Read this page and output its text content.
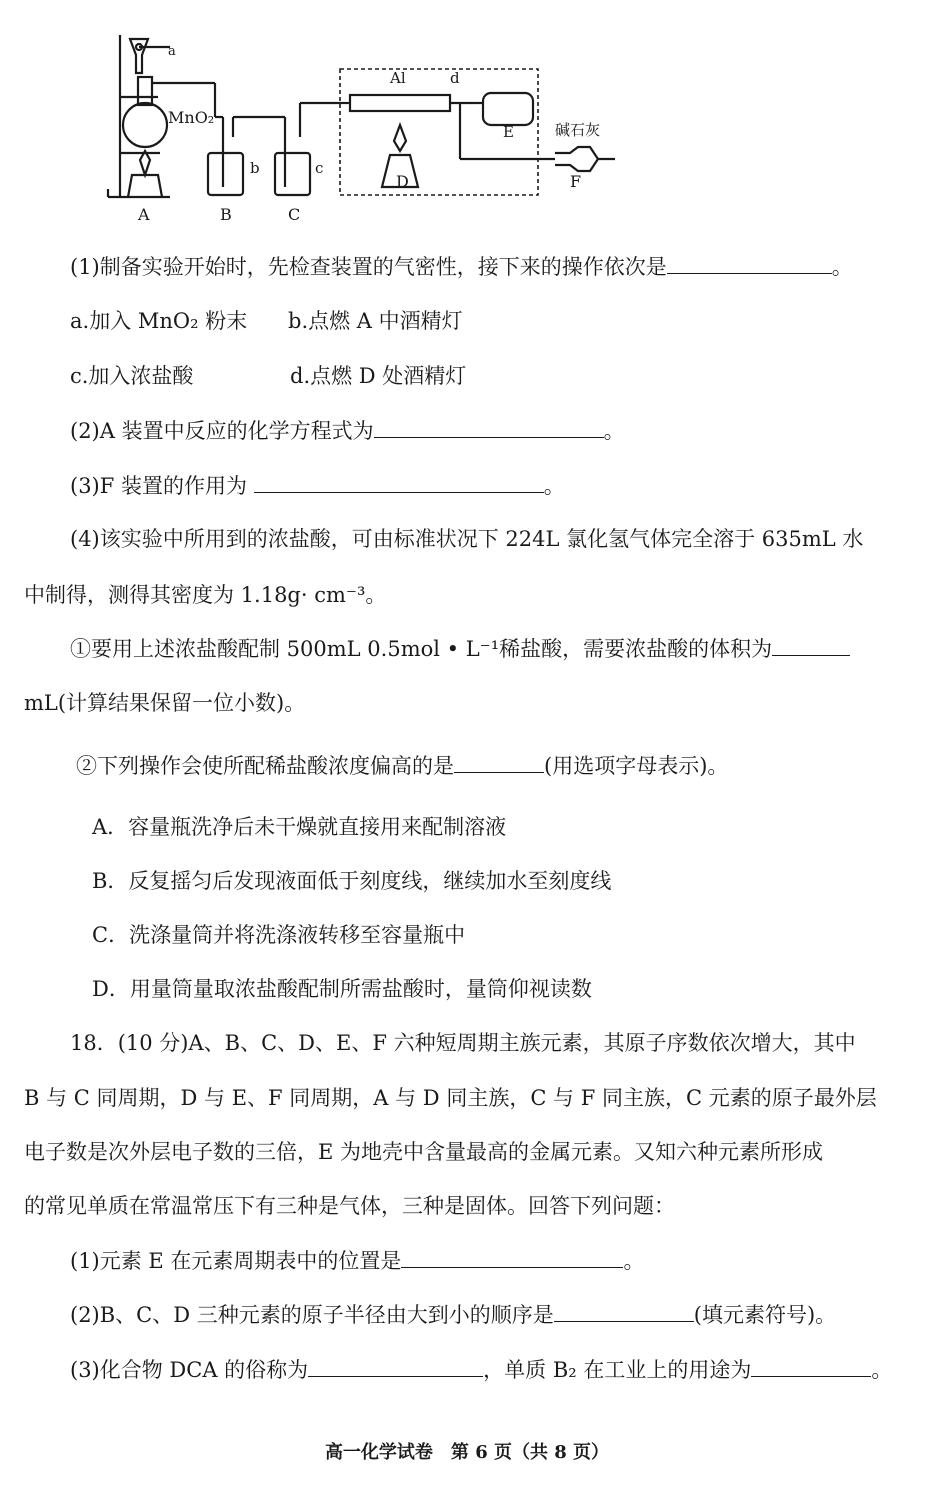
a
MnO₂
b	c
Al	d
E	碱石灰
A	B	C
D	F
(1)制备实验开始时，先检查装置的气密性，接下来的操作依次是	。
a.加入 MnO₂ 粉末 b.点燃 A 中酒精灯
c.加入浓盐酸	d.点燃 D 处酒精灯
(2)A 装置中反应的化学方程式为	。
(3)F 装置的作用为	。
(4)该实验中所用到的浓盐酸，可由标准状况下 224L 氯化氢气体完全溶于 635mL 水
中制得，测得其密度为 1.18g· cm⁻³。
①要用上述浓盐酸配制 500mL 0.5mol • L⁻¹稀盐酸，需要浓盐酸的体积为
mL(计算结果保留一位小数)。
②下列操作会使所配稀盐酸浓度偏高的是	(用选项字母表示)。
A．容量瓶洗净后未干燥就直接用来配制溶液
B．反复摇匀后发现液面低于刻度线，继续加水至刻度线
C．洗涤量筒并将洗涤液转移至容量瓶中
D．用量筒量取浓盐酸配制所需盐酸时，量筒仰视读数
18．(10 分)A、B、C、D、E、F 六种短周期主族元素，其原子序数依次增大，其中
B 与 C 同周期，D 与 E、F 同周期，A 与 D 同主族，C 与 F 同主族，C 元素的原子最外层
电子数是次外层电子数的三倍，E 为地壳中含量最高的金属元素。又知六种元素所形成
的常见单质在常温常压下有三种是气体，三种是固体。回答下列问题：
(1)元素 E 在元素周期表中的位置是	。
(2)B、C、D 三种元素的原子半径由大到小的顺序是	(填元素符号)。
(3)化合物 DCA 的俗称为	，单质 B₂ 在工业上的用途为	。
高一化学试卷　第 6 页（共 8 页）
